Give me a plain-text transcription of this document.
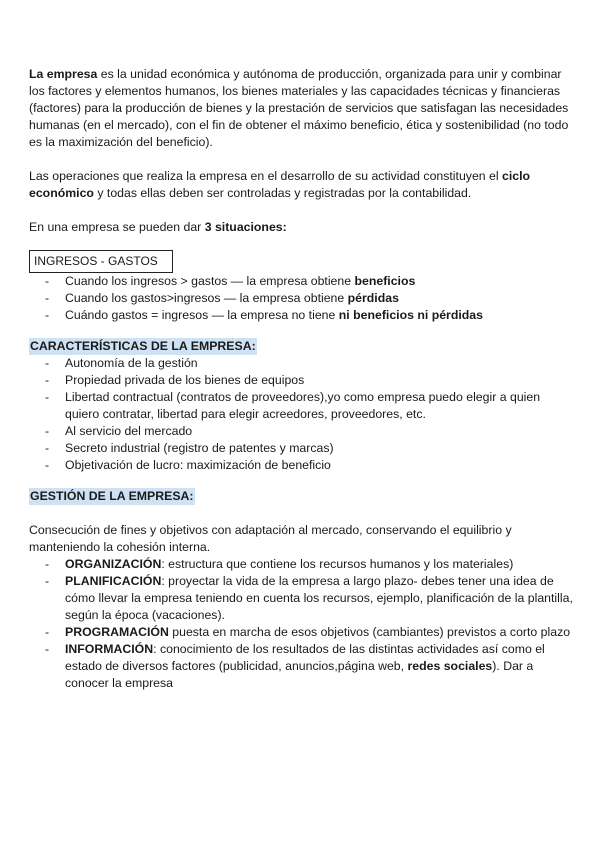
La empresa es la unidad económica y autónoma de producción, organizada para unir y combinar los factores y elementos humanos, los bienes materiales y las capacidades técnicas y financieras (factores) para la producción de bienes y la prestación de servicios que satisfagan las necesidades humanas (en el mercado), con el fin de obtener el máximo beneficio, ética y sostenibilidad (no todo es la maximización del beneficio).

Las operaciones que realiza la empresa en el desarrollo de su actividad constituyen el ciclo económico y todas ellas deben ser controladas y registradas por la contabilidad.

En una empresa se pueden dar 3 situaciones:

INGRESOS - GASTOS
- Cuando los ingresos > gastos — la empresa obtiene beneficios
- Cuando los gastos>ingresos — la empresa obtiene pérdidas
- Cuándo gastos = ingresos — la empresa no tiene ni beneficios ni pérdidas
CARACTERÍSTICAS DE LA EMPRESA:
- Autonomía de la gestión
- Propiedad privada de los bienes de equipos
- Libertad contractual (contratos de proveedores),yo como empresa puedo elegir a quien quiero contratar, libertad para elegir acreedores, proveedores, etc.
- Al servicio del mercado
- Secreto industrial (registro de patentes y marcas)
- Objetivación de lucro: maximización de beneficio
GESTIÓN DE LA EMPRESA:

Consecución de fines y objetivos con adaptación al mercado, conservando el equilibrio y manteniendo la cohesión interna.

- ORGANIZACIÓN: estructura que contiene los recursos humanos y los materiales)
- PLANIFICACIÓN: proyectar la vida de la empresa a largo plazo- debes tener una idea de cómo llevar la empresa teniendo en cuenta los recursos, ejemplo, planificación de la plantilla, según la época (vacaciones).
- PROGRAMACIÓN puesta en marcha de esos objetivos (cambiantes) previstos a corto plazo
- INFORMACIÓN: conocimiento de los resultados de las distintas actividades así como el estado de diversos factores (publicidad, anuncios,página web, redes sociales). Dar a conocer la empresa
